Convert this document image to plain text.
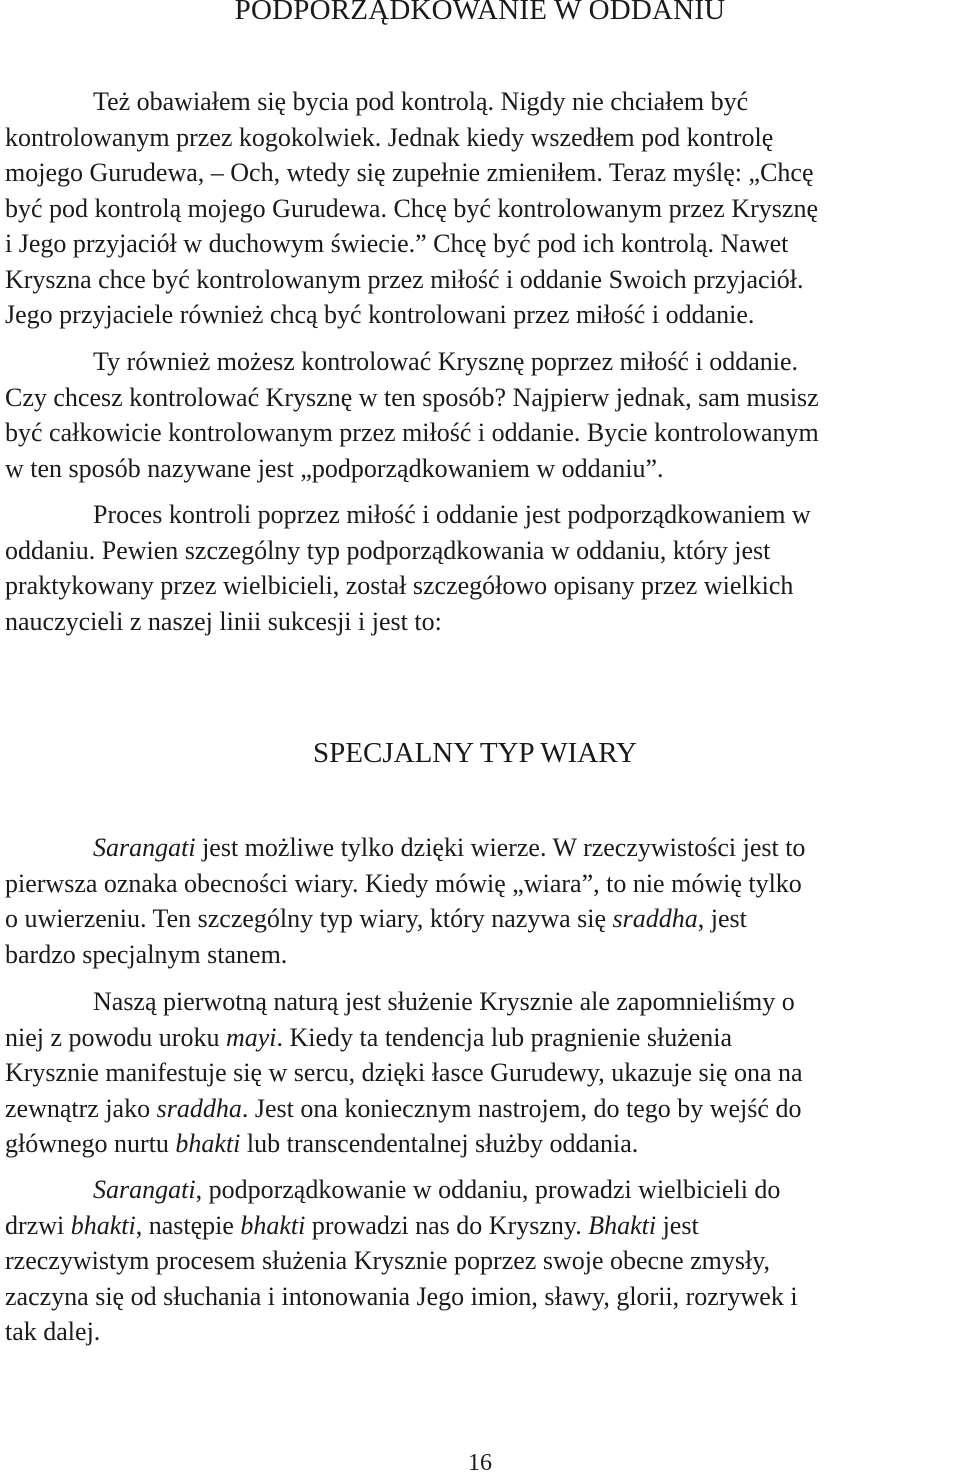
PODPORZĄDKOWANIE W ODDANIU
Też obawiałem się bycia pod kontrolą. Nigdy nie chciałem być
kontrolowanym przez kogokolwiek. Jednak kiedy wszedłem pod kontrolę
mojego Gurudewa, – Och, wtedy się zupełnie zmieniłem. Teraz myślę: „Chcę
być pod kontrolą mojego Gurudewa. Chcę być kontrolowanym przez Krysznę
i Jego przyjaciół w duchowym świecie.” Chcę być pod ich kontrolą. Nawet
Kryszna chce być kontrolowanym przez miłość i oddanie Swoich przyjaciół.
Jego przyjaciele również chcą być kontrolowani przez miłość i oddanie.
Ty również możesz kontrolować Krysznę poprzez miłość i oddanie.
Czy chcesz kontrolować Krysznę w ten sposób? Najpierw jednak, sam musisz
być całkowicie kontrolowanym przez miłość i oddanie. Bycie kontrolowanym
w ten sposób nazywane jest „podporządkowaniem w oddaniu”.
Proces kontroli poprzez miłość i oddanie jest podporządkowaniem w
oddaniu. Pewien szczególny typ podporządkowania w oddaniu, który jest
praktykowany przez wielbicieli, został szczegółowo opisany przez wielkich
nauczycieli z naszej linii sukcesji i jest to:
SPECJALNY TYP WIARY
Sarangati jest możliwe tylko dzięki wierze. W rzeczywistości jest to
pierwsza oznaka obecności wiary. Kiedy mówię „wiara”, to nie mówię tylko
o uwierzeniu. Ten szczególny typ wiary, który nazywa się sraddha, jest
bardzo specjalnym stanem.
Naszą pierwotną naturą jest służenie Krysznie ale zapomnieliśmy o
niej z powodu uroku mayi. Kiedy ta tendencja lub pragnienie służenia
Krysznie manifestuje się w sercu, dzięki łasce Gurudewy, ukazuje się ona na
zewnątrz jako sraddha. Jest ona koniecznym nastrojem, do tego by wejść do
głównego nurtu bhakti lub transcendentalnej służby oddania.
Sarangati, podporządkowanie w oddaniu, prowadzi wielbicieli do
drzwi bhakti, następie bhakti prowadzi nas do Kryszny. Bhakti jest
rzeczywistym procesem służenia Krysznie poprzez swoje obecne zmysły,
zaczyna się od słuchania i intonowania Jego imion, sławy, glorii, rozrywek i
tak dalej.
16
